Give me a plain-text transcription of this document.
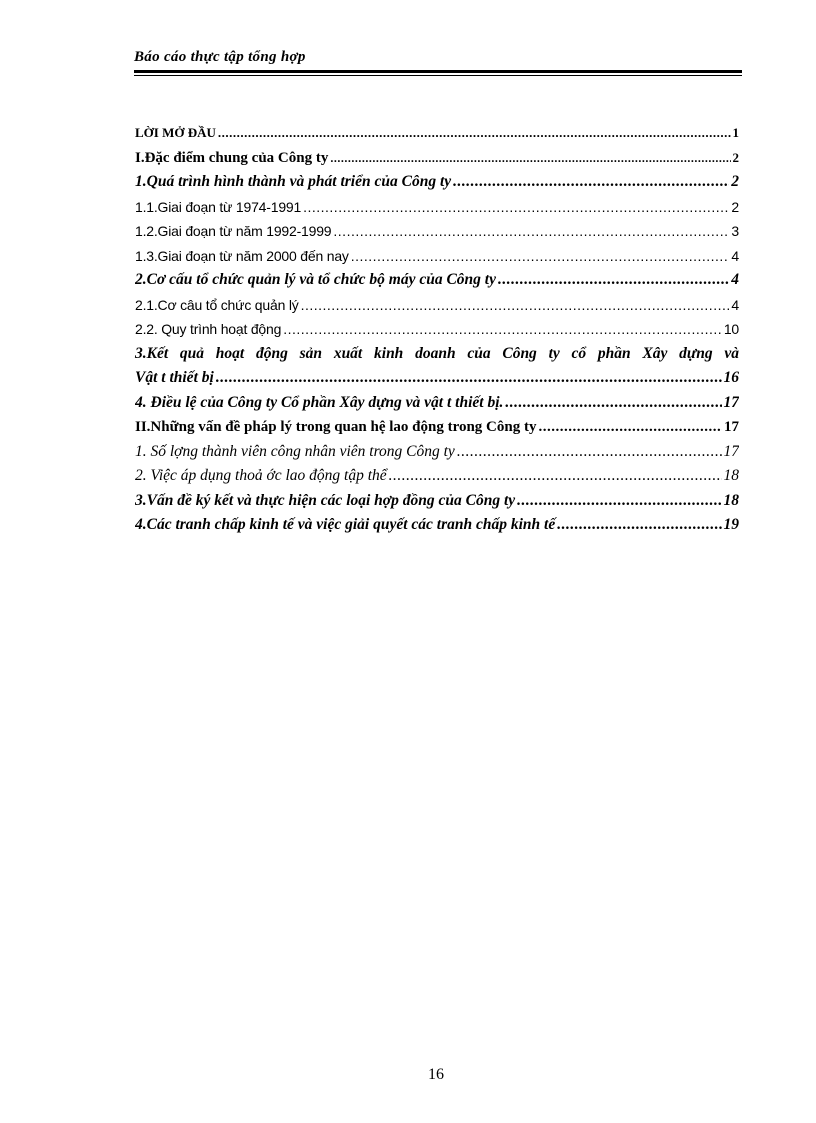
Báo cáo thực tập tổng hợp
LỜI MỞ ĐẦU .....	1
I.Đặc điểm chung của Công ty .....	2
1.Quá trình hình thành và phát triển của Công ty .....	2
1.1.Giai đoạn từ 1974-1991 .....	2
1.2.Giai đoạn từ năm 1992-1999 .....	3
1.3.Giai đoạn từ năm 2000 đến nay .....	4
2.Cơ cấu tổ chức quản lý và tổ chức bộ máy của Công ty .....	4
2.1.Cơ câu tổ chức quản lý .....	4
2.2. Quy trình hoạt động .....	10
3.Kết quả hoạt động sản xuất kinh doanh của Công ty cổ phần Xây dựng và
Vật t thiết bị .....	16
4. Điều lệ của Công ty Cổ phần Xây dựng và vật t thiết bị. .....	17
II.Những vấn đề pháp lý trong quan hệ lao động trong Công ty .....	17
1. Số lợng thành viên công nhân viên trong Công ty .....	17
2. Việc áp dụng thoả ớc lao động tập thể .....	18
3.Vấn đề ký kết và thực hiện các loại hợp đồng của Công ty .....	18
4.Các tranh chấp kinh tế và việc giải quyết các tranh chấp kinh tế .....	19
16
